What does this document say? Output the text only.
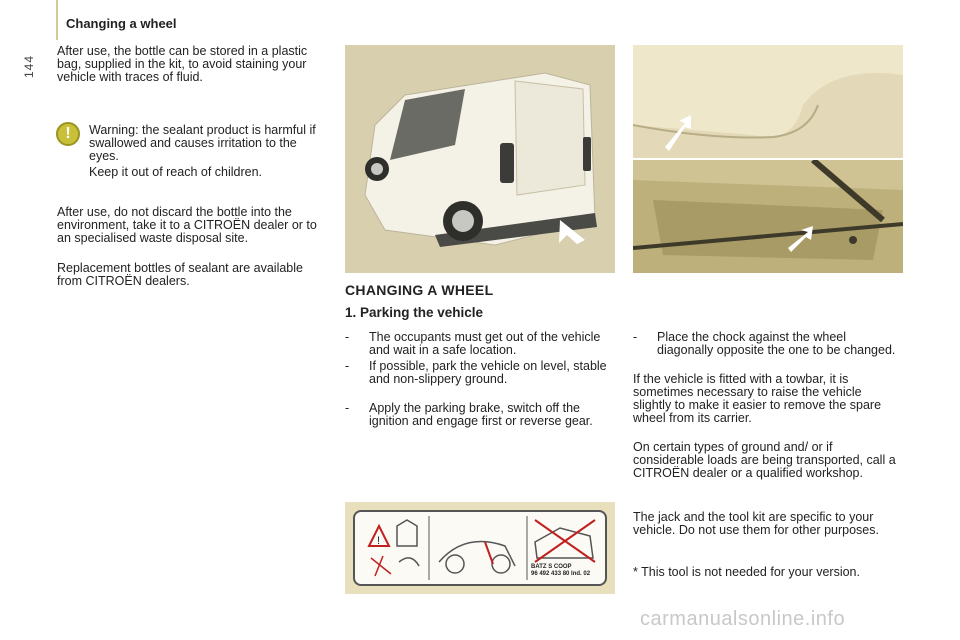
144
Changing a wheel
After use, the bottle can be stored in a plastic bag, supplied in the kit, to avoid staining your vehicle with traces of fluid.
!	Warning: the sealant product is harmful if swallowed and causes irritation to the eyes.
Keep it out of reach of children.
After use, do not discard the bottle into the environment, take it to a CITROËN dealer or to an specialised waste disposal site.
Replacement bottles of sealant are available from CITROËN dealers.
CHANGING A WHEEL
1. Parking the vehicle
-	The occupants must get out of the vehicle and wait in a safe location.
-	If possible, park the vehicle on level, stable and non-slippery ground.
-	Apply the parking brake, switch off the ignition and engage first or reverse gear.
!
BATZ S COOP
96 492 433 80 Ind. 02
-	Place the chock against the wheel diagonally opposite the one to be changed.
If the vehicle is fitted with a towbar, it is sometimes necessary to raise the vehicle slightly to make it easier to remove the spare wheel from its carrier.
On certain types of ground and/ or if considerable loads are being transported, call a CITROËN dealer or a qualified workshop.
The jack and the tool kit are specific to your vehicle. Do not use them for other purposes.
* This tool is not needed for your version.
carmanualsonline.info
